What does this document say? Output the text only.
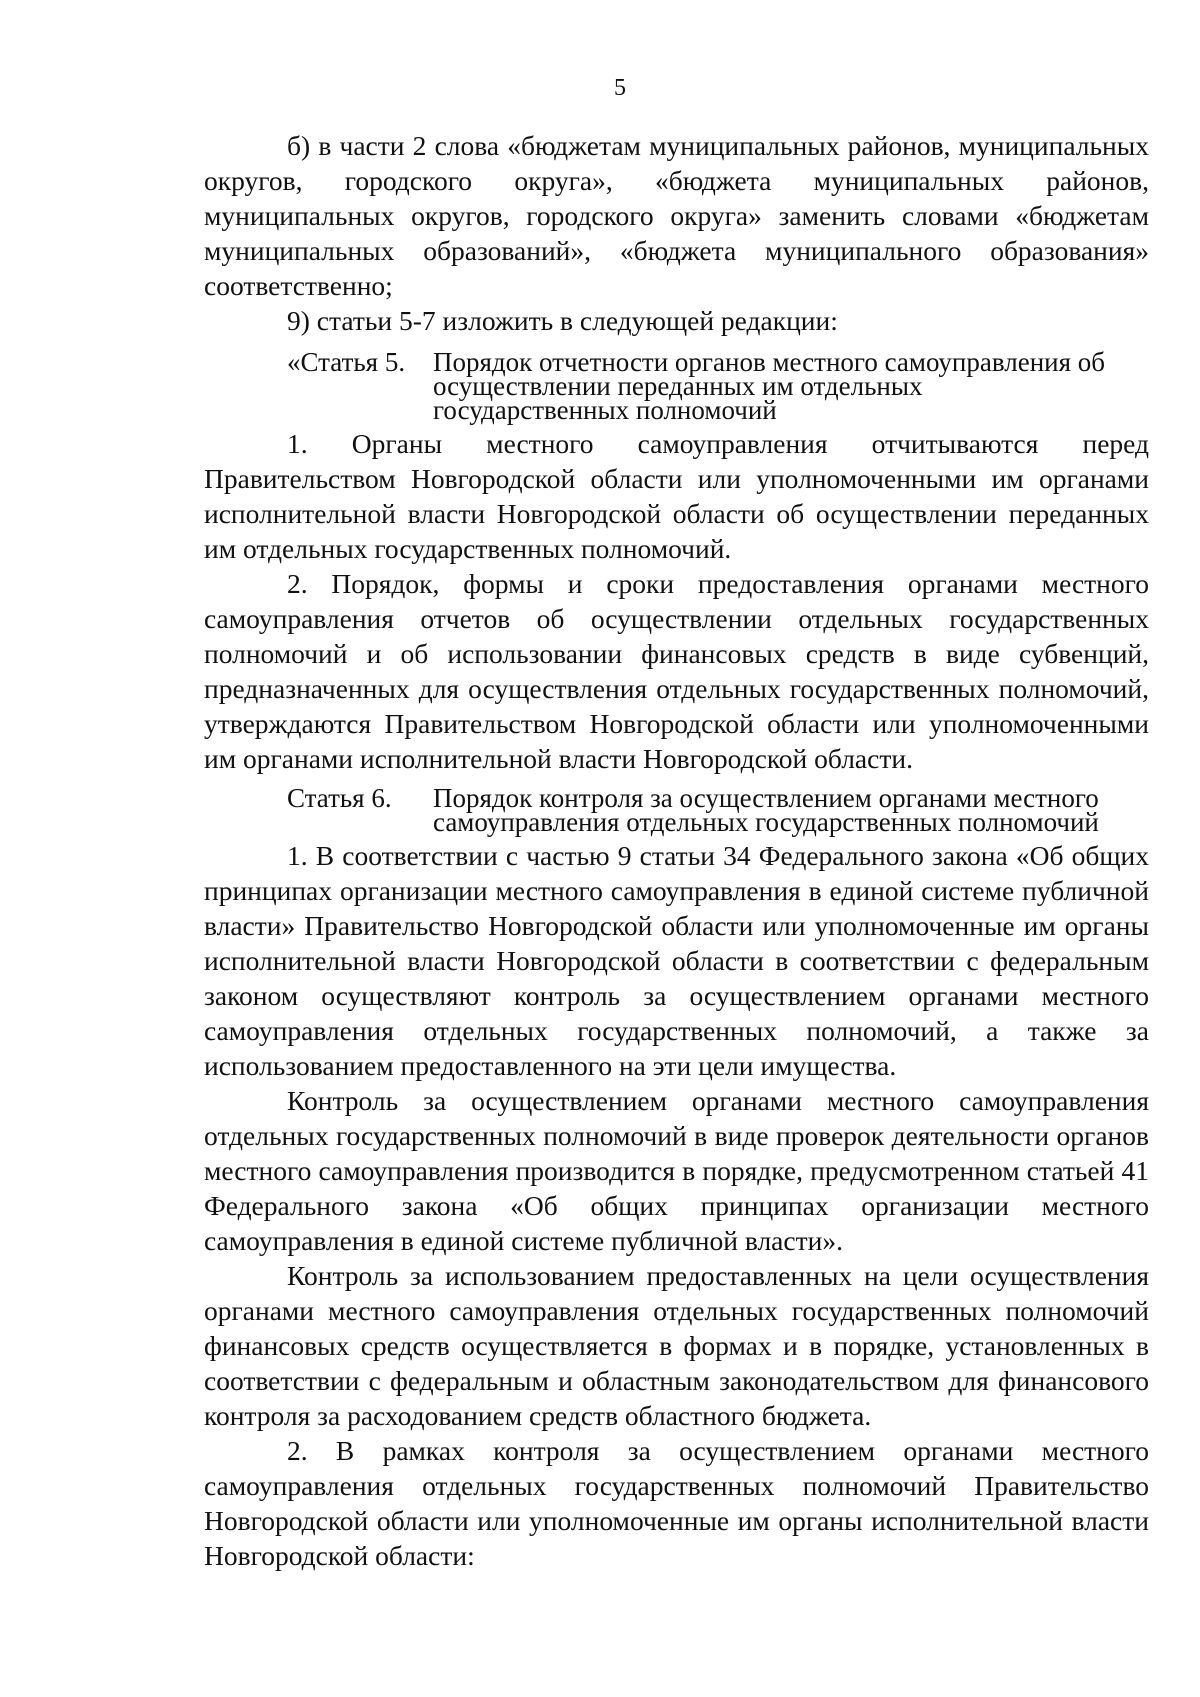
5

б) в части 2 слова «бюджетам муниципальных районов, муниципальных округов, городского округа», «бюджета муниципальных районов, муниципальных округов, городского округа» заменить словами «бюджетам муниципальных образований», «бюджета муниципального образования» соответственно;

9) статьи 5-7 изложить в следующей редакции:

«Статья 5.	Порядок отчетности органов местного самоуправления об осуществлении переданных им отдельных государственных полномочий

1. Органы местного самоуправления отчитываются перед Правительством Новгородской области или уполномоченными им органами исполнительной власти Новгородской области об осуществлении переданных им отдельных государственных полномочий.

2. Порядок, формы и сроки предоставления органами местного самоуправления отчетов об осуществлении отдельных государственных полномочий и об использовании финансовых средств в виде субвенций, предназначенных для осуществления отдельных государственных полномочий, утверждаются Правительством Новгородской области или уполномоченными им органами исполнительной власти Новгородской области.

Статья 6.	Порядок контроля за осуществлением органами местного самоуправления отдельных государственных полномочий

1. В соответствии с частью 9 статьи 34 Федерального закона «Об общих принципах организации местного самоуправления в единой системе публичной власти» Правительство Новгородской области или уполномоченные им органы исполнительной власти Новгородской области в соответствии с федеральным законом осуществляют контроль за осуществлением органами местного самоуправления отдельных государственных полномочий, а также за использованием предоставленного на эти цели имущества.

Контроль за осуществлением органами местного самоуправления отдельных государственных полномочий в виде проверок деятельности органов местного самоуправления производится в порядке, предусмотренном статьей 41 Федерального закона «Об общих принципах организации местного самоуправления в единой системе публичной власти».

Контроль за использованием предоставленных на цели осуществления органами местного самоуправления отдельных государственных полномочий финансовых средств осуществляется в формах и в порядке, установленных в соответствии с федеральным и областным законодательством для финансового контроля за расходованием средств областного бюджета.

2. В рамках контроля за осуществлением органами местного самоуправления отдельных государственных полномочий Правительство Новгородской области или уполномоченные им органы исполнительной власти Новгородской области:
